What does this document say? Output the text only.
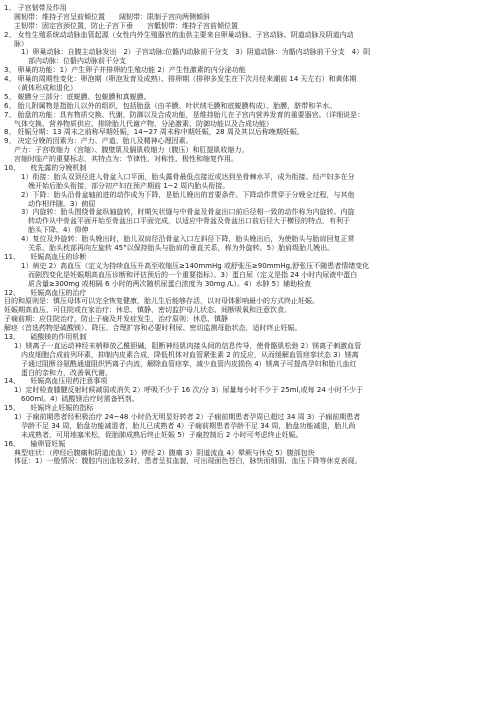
1、 子宫韧带及作用
圆韧带：维持子宫呈前倾位置　　阔韧带：限制子宫向两侧倾斜
主韧带：固定宫颈位置，防止子宫下垂　　宫骶韧带：维持子宫前倾位置
2、 女性生殖系统动动脉血管起源（女性内外生殖器官的血供主要来自卵巢动脉、子宫动脉、阴道动脉及阴道内动
脉）
1）卵巢动脉：自腹主动脉发出　2）子宫动脉:位骼内动脉前干分支　3）阴道动脉：为骼内动脉前干分支　4）阴
部内动脉：位骼内动脉前干分支
3、 卵巢的功能：1）产生卵子并排卵的生殖功能 2）产生性激素的内分泌功能
4、 卵巢的周期性变化：卵泡期（卵泡发育及成熟）、排卵期（排卵多发生在下次月经来潮前 14 天左右）和黄体期
（黄体形成和退化）
5、 蜕膜分三部分：底蜕膜、包蜕膜和真蜕膜。
6、 胎儿附属物是指胎儿以外的组织，包括胎盘（由羊膜、叶状绒毛膜和底蜕膜构成）、胎膜，脐带和羊水。
7、 胎盘的功能：具有物质交换、代谢、防御以及合成功能，是维持胎儿在子宫内营养发育的重要器官。（详细说是：
气体交换、营养物质供应、排除胎儿代谢产物、分泌激素、防御功能以及合成功能）
8、 妊娠分期：13 周末之前称早期妊娠，14~27 周末称中期妊娠，28 周及其以后称晚期妊娠。
9、 决定分娩的因素为：产力、产道、胎儿及精神心理因素。
产力：子宫收缩力（宫缩）、腹壁肌及膈肌收缩力（腹压）和肛提肌收缩力。
宫缩时临产的重要标志，其特点为：节律性、对称性、极性和缩复作用。
10、　　枕先露的分娩机制
1）衔接：胎头双顶径进入骨盆入口平面，胎头露骨最低点接近或达到坐骨棘水平，成为衔接。经产妇多在分
娩开始后胎头衔接，部分初产妇在预产期前 1~2 周内胎头衔接。
2）下降：胎头沿骨盆轴前进的动作成为下降，是胎儿娩出的首要条件。下降动作贯穿于分娩全过程，与其他
动作相伴随。3）俯屈
3）内旋转：胎头围绕骨盆纵轴旋转，时期矢状缝与中骨盆及骨盆出口前后径相一致的动作称为内旋转。内旋
转动作从中骨盆平面开始至骨盆出口平面完成，以适应中骨盆及骨盆出口前后径大于横径的特点，有利于
胎头下降。4）仰伸
4）复位及外旋转：胎头娩出时，胎儿双肩径沿骨盆入口左斜径下降，胎头娩出后，为使胎头与胎肩回复正常
关系，胎头枕部再向左旋转 45°以保持胎头与胎肩的垂直关系，称为外旋转。5）胎肩级胎儿娩出。
11、　　妊娠高血压的诊断
1）病史 2）高血压（定义为持续血压升高至收缩压≥140mmHg 或舒张压≥90mmHg,舒张压不随患者情绪变化
而剧烈变化是妊娠期高血压诊断和评估预后的一个重要指标）。3）蛋白尿（定义是指 24 小时内尿液中蛋白
质含量≥300mg 或相隔 6 小时的两次随机尿蛋白浓度为 30mg /L）。4）水肿 5）辅助检查
12、　　妊娠高血压的治疗
目的和原则是：镇压母体可以完全恢复健康，胎儿生后能够存活，以对母体影响最小的方式终止妊娠。
妊娠期高血压，可住院或在家治疗：休息、镇静、密切监护母儿状态、间断吸氧和注意饮食。
子痫前期：应住院治疗，防止子痫及并发症发生，治疗原则：休息、镇静
解痉（首选药物是硫酸镁）、降压、合理扩容和必要时利尿、密切监测母胎状态，适时终止妊娠。
13、　　硫酸镁的作用机制
1）镁离子一直运动神经末梢释放乙酰胆碱，阻断神经肌肉接头间的信息传导，使骨骼肌松弛 2）镁离子刺激血管
内皮细胞合成前列环素，抑制内皮素合成，降低机体对血管紧张素 2 的反应，从而缓解血管痉挛状态 3）镁离
子通过阻断谷氨酰通道阻织钙离子内流，解除血管痉挛，减少血管内皮损伤 4）镁离子可提高孕妇和胎儿血红
蛋白的亲和力，改善氧代谢。
14、　　妊娠高血压用药注意事项
1）定时检查膝腱反射时候减弱或消失 2）呼吸不少于 16 次/分 3）尿量每小时不少于 25ml,或每 24 小时不少于
600ml。4）硫酸镁治疗时需备钙剂。
15、　　妊娠终止妊娠的指标
1）子痫前期患者经积极治疗 24~48 小时仍无明显好转者 2）子痫前期患者孕周已超过 34 周 3）子痫前期患者
孕龄不足 34 周，胎盘功能减退者，胎儿已成熟者 4）子痫前期患者孕龄不足 34 周，胎盘功能减退，胎儿尚
未成熟者，可用地塞米松，促胎肺成熟后终止妊娠 5）子痫控制后 2 小时可考虑终止妊娠。
16、　　输卵管妊娠
典型症状：（停经后腹痛和阴道流血）1）停经 2）腹痛 3）阴道流血 4）晕厥与休克 5）腹部包块
体征：1）一般情况：腹腔内出血较多时，患者呈贫血貌，可出现面色苍白，脉快而细弱，血压下降等休克表现。
